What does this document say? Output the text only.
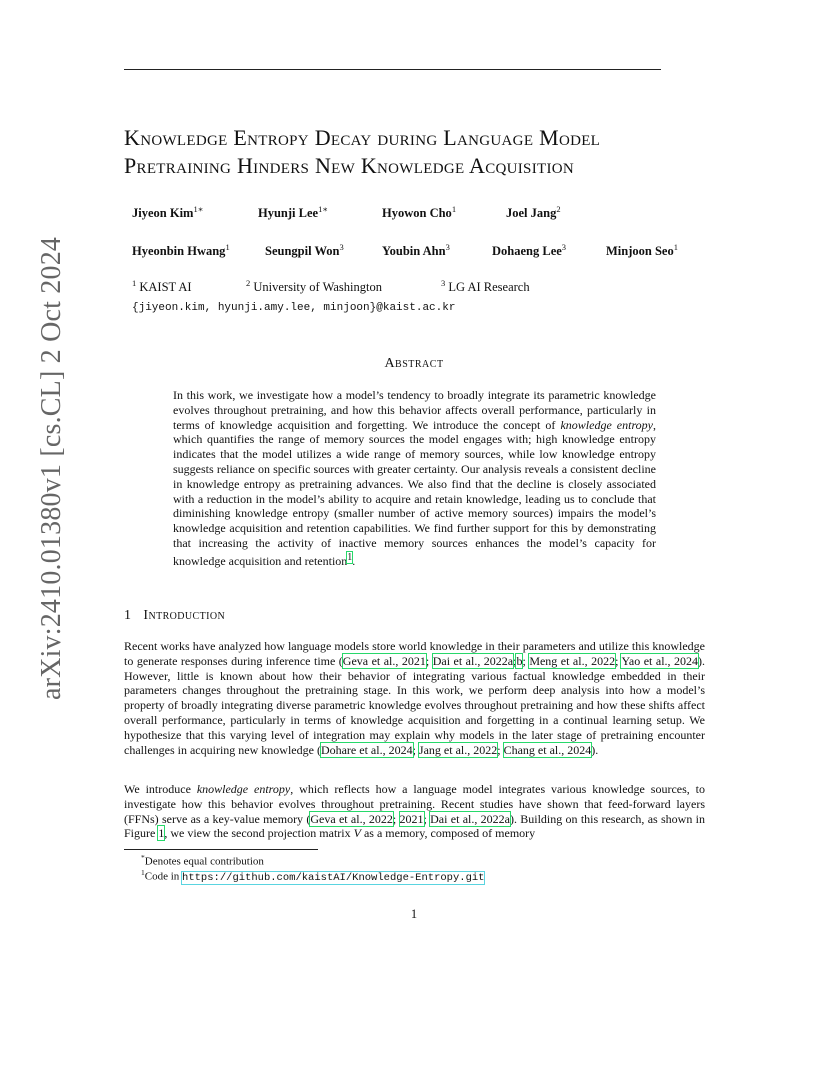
arXiv:2410.01380v1 [cs.CL] 2 Oct 2024
Knowledge Entropy Decay during Language Model
Pretraining Hinders New Knowledge Acquisition
Jiyeon Kim$^{1∗}$	Hyunji Lee$^{1∗}$	Hyowon Cho$^1$	Joel Jang$^2$
Hyeonbin Hwang$^1$	Seungpil Won$^3$	Youbin Ahn$^3$	Dohaeng Lee$^3$	Minjoon Seo$^1$
$^1$ KAIST AI	$^2$ University of Washington	$^3$ LG AI Research
{jiyeon.kim, hyunji.amy.lee, minjoon}@kaist.ac.kr
Abstract
In this work, we investigate how a model’s tendency to broadly integrate its parametric knowledge evolves throughout pretraining, and how this behavior affects overall performance, particularly in terms of knowledge acquisition and forgetting. We introduce the concept of knowledge entropy, which quantifies the range of memory sources the model engages with; high knowledge entropy indicates that the model utilizes a wide range of memory sources, while low knowledge entropy suggests reliance on specific sources with greater certainty. Our analysis reveals a consistent decline in knowledge entropy as pretraining advances. We also find that the decline is closely associated with a reduction in the model’s ability to acquire and retain knowledge, leading us to conclude that diminishing knowledge entropy (smaller number of active memory sources) impairs the model’s knowledge acquisition and retention capabilities. We find further support for this by demonstrating that increasing the activity of inactive memory sources enhances the model’s capacity for knowledge acquisition and retention$^1$.
1 Introduction
Recent works have analyzed how language models store world knowledge in their parameters and utilize this knowledge to generate responses during inference time (Geva et al., 2021; Dai et al., 2022a;b; Meng et al., 2022; Yao et al., 2024). However, little is known about how their behavior of integrating various factual knowledge embedded in their parameters changes throughout the pretraining stage. In this work, we perform deep analysis into how a model’s property of broadly integrating diverse parametric knowledge evolves throughout pretraining and how these shifts affect overall performance, particularly in terms of knowledge acquisition and forgetting in a continual learning setup. We hypothesize that this varying level of integration may explain why models in the later stage of pretraining encounter challenges in acquiring new knowledge (Dohare et al., 2024; Jang et al., 2022; Chang et al., 2024).
We introduce knowledge entropy, which reflects how a language model integrates various knowledge sources, to investigate how this behavior evolves throughout pretraining. Recent studies have shown that feed-forward layers (FFNs) serve as a key-value memory (Geva et al., 2022; 2021; Dai et al., 2022a). Building on this research, as shown in Figure 1, we view the second projection matrix V as a memory, composed of memory
*Denotes equal contribution
$^1$Code in https://github.com/kaistAI/Knowledge-Entropy.git
1
